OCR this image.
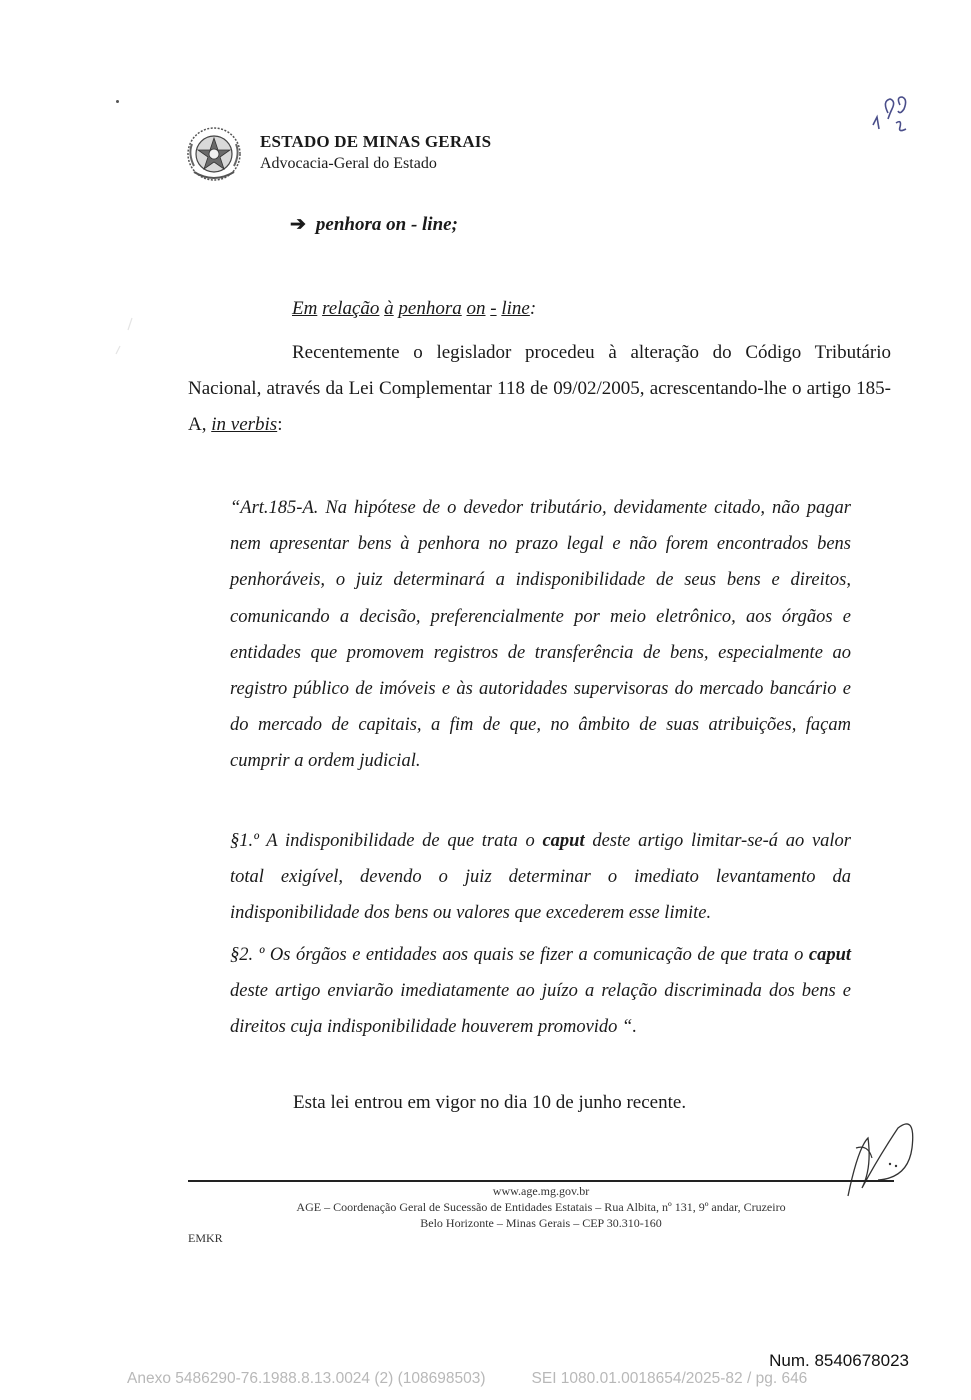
ESTADO DE MINAS GERAIS
Advocacia-Geral do Estado
➔ penhora on - line;
Em relação à penhora on - line:
Recentemente o legislador procedeu à alteração do Código Tributário Nacional, através da Lei Complementar 118 de 09/02/2005, acrescentando-lhe o artigo 185-A, in verbis:
“Art.185-A. Na hipótese de o devedor tributário, devidamente citado, não pagar nem apresentar bens à penhora no prazo legal e não forem encontrados bens penhoráveis, o juiz determinará a indisponibilidade de seus bens e direitos, comunicando a decisão, preferencialmente por meio eletrônico, aos órgãos e entidades que promovem registros de transferência de bens, especialmente ao registro público de imóveis e às autoridades supervisoras do mercado bancário e do mercado de capitais, a fim de que, no âmbito de suas atribuições, façam cumprir a ordem judicial.
§1.º A indisponibilidade de que trata o caput deste artigo limitar-se-á ao valor total exigível, devendo o juiz determinar o imediato levantamento da indisponibilidade dos bens ou valores que excederem esse limite.
§2. º Os órgãos e entidades aos quais se fizer a comunicação de que trata o caput deste artigo enviarão imediatamente ao juízo a relação discriminada dos bens e direitos cuja indisponibilidade houverem promovido “.
Esta lei entrou em vigor no dia 10 de junho recente.
www.age.mg.gov.br
AGE – Coordenação Geral de Sucessão de Entidades Estatais – Rua Albita, nº 131, 9º andar, Cruzeiro
Belo Horizonte – Minas Gerais – CEP 30.310-160
EMKR
Num. 8540678023
Anexo 5486290-76.1988.8.13.0024 (2) (108698503)	SEI 1080.01.0018654/2025-82 / pg. 646
